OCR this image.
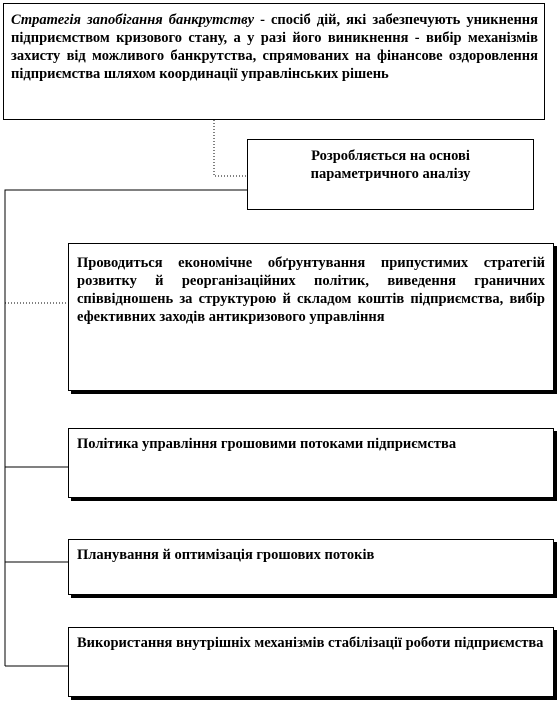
Стратегія запобігання банкрутству - спосіб дій, які забезпечують уникнення підприємством кризового стану, а у разі його виникнення - вибір механізмів захисту від можливого банкрутства, спрямованих на фінансове оздоровлення підприємства шляхом координації управлінських рішень
Розробляється на основі параметричного аналізу
Проводиться економічне обґрунтування припустимих стратегій розвитку й реорганізаційних політик, виведення граничних співвідношень за структурою й складом коштів підприємства, вибір ефективних заходів антикризового управління
Політика управління грошовими потоками підприємства
Планування й оптимізація грошових потоків
Використання внутрішніх механізмів стабілізації роботи підприємства
